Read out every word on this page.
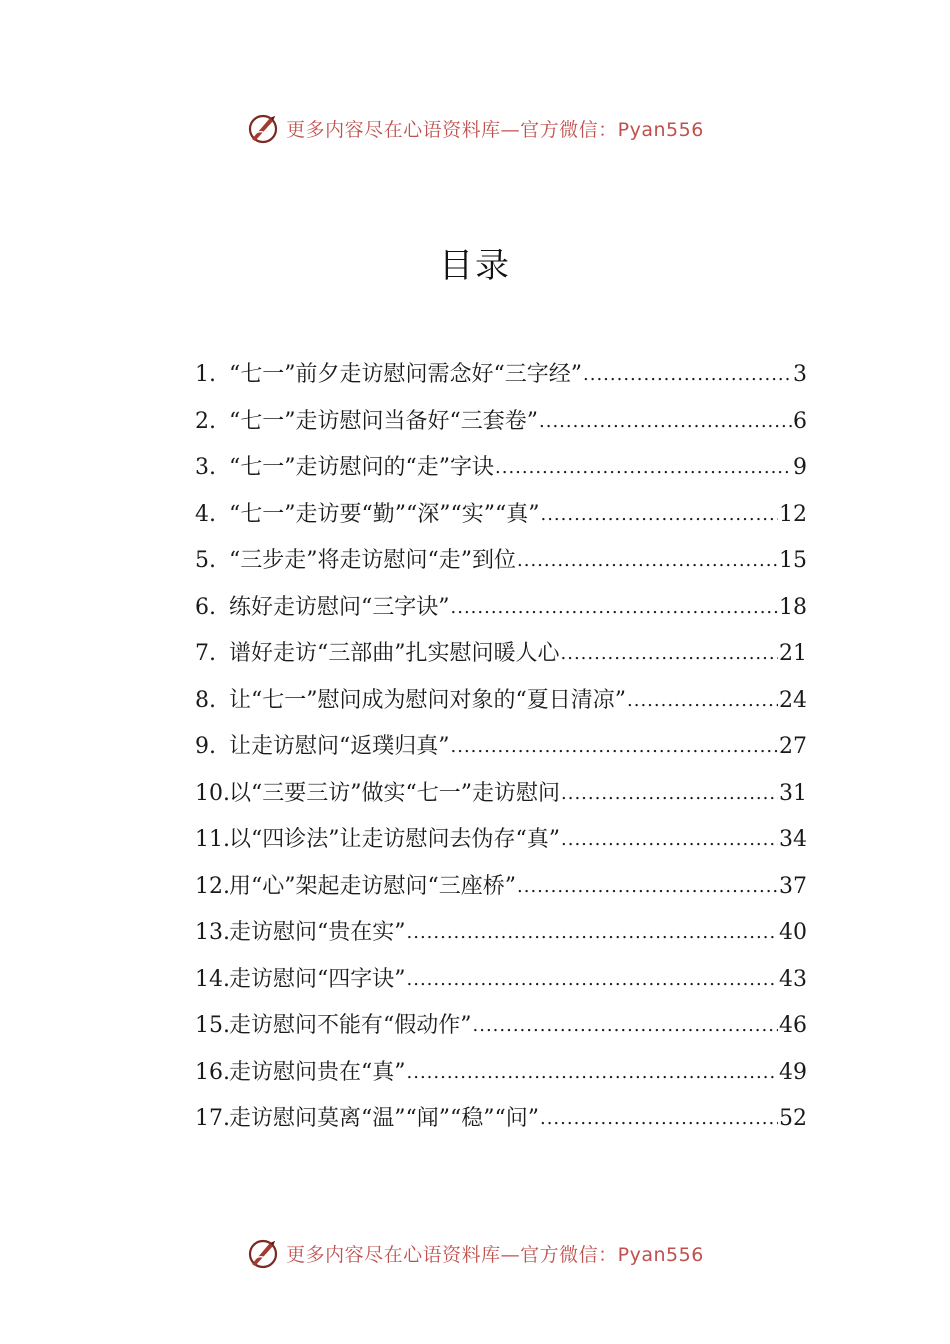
更多内容尽在心语资料库—官方微信：Pyan556
目录
1. “七一”前夕走访慰问需念好“三字经” .....	3
2. “七一”走访慰问当备好“三套卷” .....	6
3. “七一”走访慰问的“走”字诀 .....	9
4. “七一”走访要“勤”“深”“实”“真” .....	12
5. “三步走”将走访慰问“走”到位 .....	15
6. 练好走访慰问“三字诀” .....	18
7. 谱好走访“三部曲”扎实慰问暖人心 .....	21
8. 让“七一”慰问成为慰问对象的“夏日清凉” .....	24
9. 让走访慰问“返璞归真” .....	27
10. 以“三要三访”做实“七一”走访慰问 .....	31
11. 以“四诊法”让走访慰问去伪存“真” .....	34
12. 用“心”架起走访慰问“三座桥” .....	37
13. 走访慰问“贵在实” .....	40
14. 走访慰问“四字诀” .....	43
15. 走访慰问不能有“假动作” .....	46
16. 走访慰问贵在“真” .....	49
17. 走访慰问莫离“温”“闻”“稳”“问” .....	52
更多内容尽在心语资料库—官方微信：Pyan556
